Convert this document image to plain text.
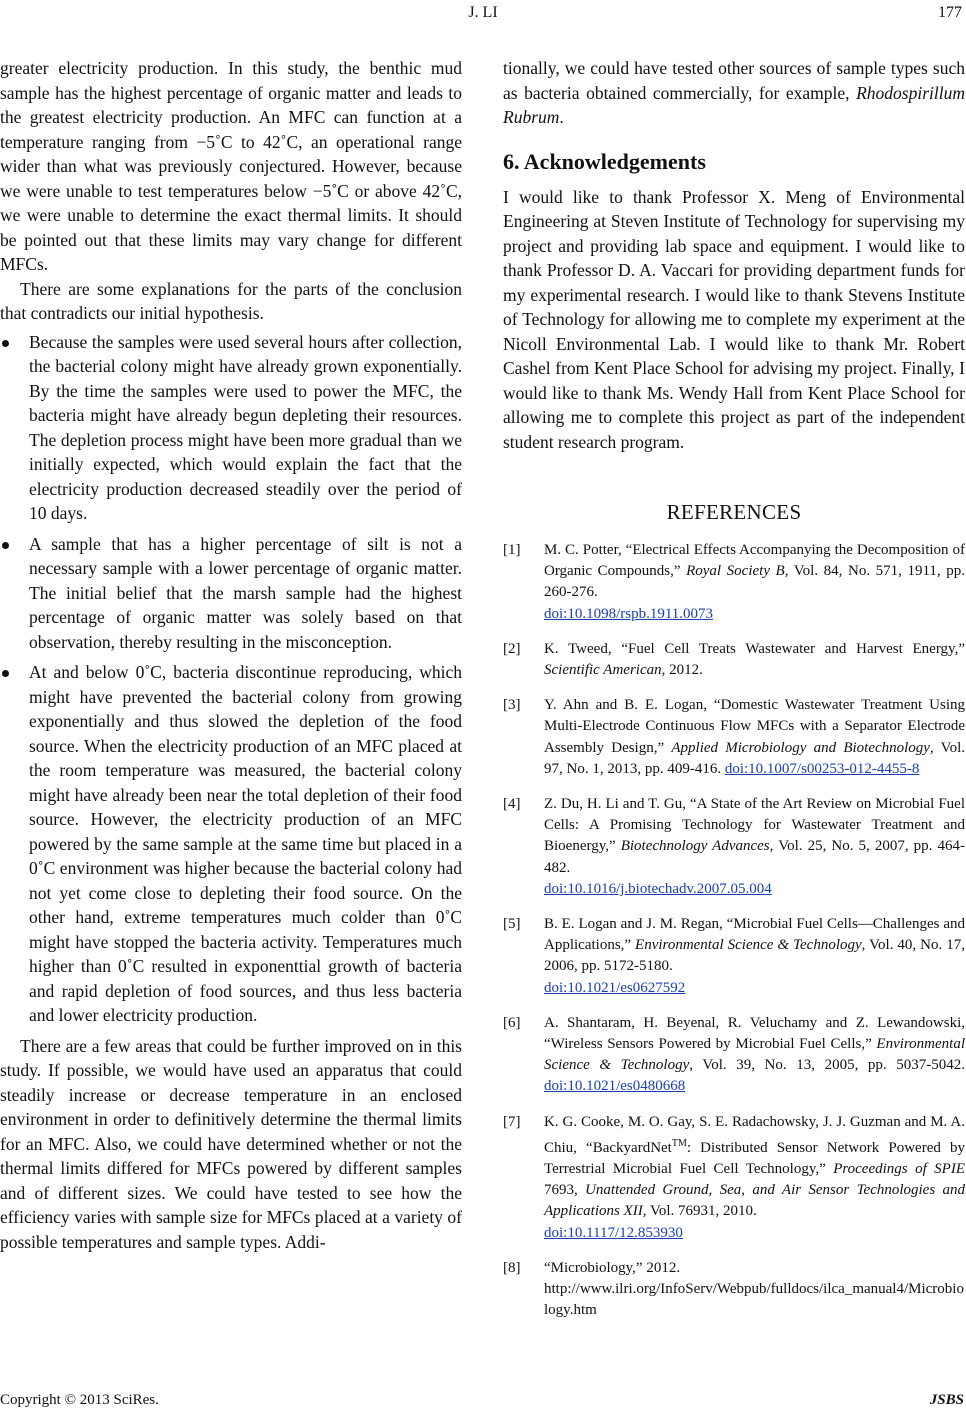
J. LI	177

greater electricity production. In this study, the benthic mud sample has the highest percentage of organic matter and leads to the greatest electricity production. An MFC can function at a temperature ranging from −5˚C to 42˚C, an operational range wider than what was previously conjectured. However, because we were unable to test temperatures below −5˚C or above 42˚C, we were unable to determine the exact thermal limits. It should be pointed out that these limits may vary change for different MFCs.

There are some explanations for the parts of the conclusion that contradicts our initial hypothesis.

Because the samples were used several hours after collection, the bacterial colony might have already grown exponentially. By the time the samples were used to power the MFC, the bacteria might have already begun depleting their resources. The depletion process might have been more gradual than we initially expected, which would explain the fact that the electricity production decreased steadily over the period of 10 days.
A sample that has a higher percentage of silt is not a necessary sample with a lower percentage of organic matter. The initial belief that the marsh sample had the highest percentage of organic matter was solely based on that observation, thereby resulting in the misconception.
At and below 0˚C, bacteria discontinue reproducing, which might have prevented the bacterial colony from growing exponentially and thus slowed the depletion of the food source. When the electricity production of an MFC placed at the room temperature was measured, the bacterial colony might have already been near the total depletion of their food source. However, the electricity production of an MFC powered by the same sample at the same time but placed in a 0˚C environment was higher because the bacterial colony had not yet come close to depleting their food source. On the other hand, extreme temperatures much colder than 0˚C might have stopped the bacteria activity. Temperatures much higher than 0˚C resulted in exponenttial growth of bacteria and rapid depletion of food sources, and thus less bacteria and lower electricity production.

There are a few areas that could be further improved on in this study. If possible, we would have used an apparatus that could steadily increase or decrease temperature in an enclosed environment in order to definitively determine the thermal limits for an MFC. Also, we could have determined whether or not the thermal limits differed for MFCs powered by different samples and of different sizes. We could have tested to see how the efficiency varies with sample size for MFCs placed at a variety of possible temperatures and sample types. Addi-

tionally, we could have tested other sources of sample types such as bacteria obtained commercially, for example, Rhodospirillum Rubrum.

6. Acknowledgements

I would like to thank Professor X. Meng of Environmental Engineering at Steven Institute of Technology for supervising my project and providing lab space and equipment. I would like to thank Professor D. A. Vaccari for providing department funds for my experimental research. I would like to thank Stevens Institute of Technology for allowing me to complete my experiment at the Nicoll Environmental Lab. I would like to thank Mr. Robert Cashel from Kent Place School for advising my project. Finally, I would like to thank Ms. Wendy Hall from Kent Place School for allowing me to complete this project as part of the independent student research program.

REFERENCES
[1] M. C. Potter, “Electrical Effects Accompanying the Decomposition of Organic Compounds,” Royal Society B, Vol. 84, No. 571, 1911, pp. 260-276.
doi:10.1098/rspb.1911.0073
[2] K. Tweed, “Fuel Cell Treats Wastewater and Harvest Energy,” Scientific American, 2012.
[3] Y. Ahn and B. E. Logan, “Domestic Wastewater Treatment Using Multi-Electrode Continuous Flow MFCs with a Separator Electrode Assembly Design,” Applied Microbiology and Biotechnology, Vol. 97, No. 1, 2013, pp. 409-416. doi:10.1007/s00253-012-4455-8
[4] Z. Du, H. Li and T. Gu, “A State of the Art Review on Microbial Fuel Cells: A Promising Technology for Wastewater Treatment and Bioenergy,” Biotechnology Advances, Vol. 25, No. 5, 2007, pp. 464-482.
doi:10.1016/j.biotechadv.2007.05.004
[5] B. E. Logan and J. M. Regan, “Microbial Fuel Cells—Challenges and Applications,” Environmental Science & Technology, Vol. 40, No. 17, 2006, pp. 5172-5180.
doi:10.1021/es0627592
[6] A. Shantaram, H. Beyenal, R. Veluchamy and Z. Lewandowski, “Wireless Sensors Powered by Microbial Fuel Cells,” Environmental Science & Technology, Vol. 39, No. 13, 2005, pp. 5037-5042. doi:10.1021/es0480668
[7] K. G. Cooke, M. O. Gay, S. E. Radachowsky, J. J. Guzman and M. A. Chiu, “BackyardNet™: Distributed Sensor Network Powered by Terrestrial Microbial Fuel Cell Technology,” Proceedings of SPIE 7693, Unattended Ground, Sea, and Air Sensor Technologies and Applications XII, Vol. 76931, 2010.
doi:10.1117/12.853930
[8] “Microbiology,” 2012.
http://www.ilri.org/InfoServ/Webpub/fulldocs/ilca_manual4/Microbiology.htm
Copyright © 2013 SciRes.	JSBS
